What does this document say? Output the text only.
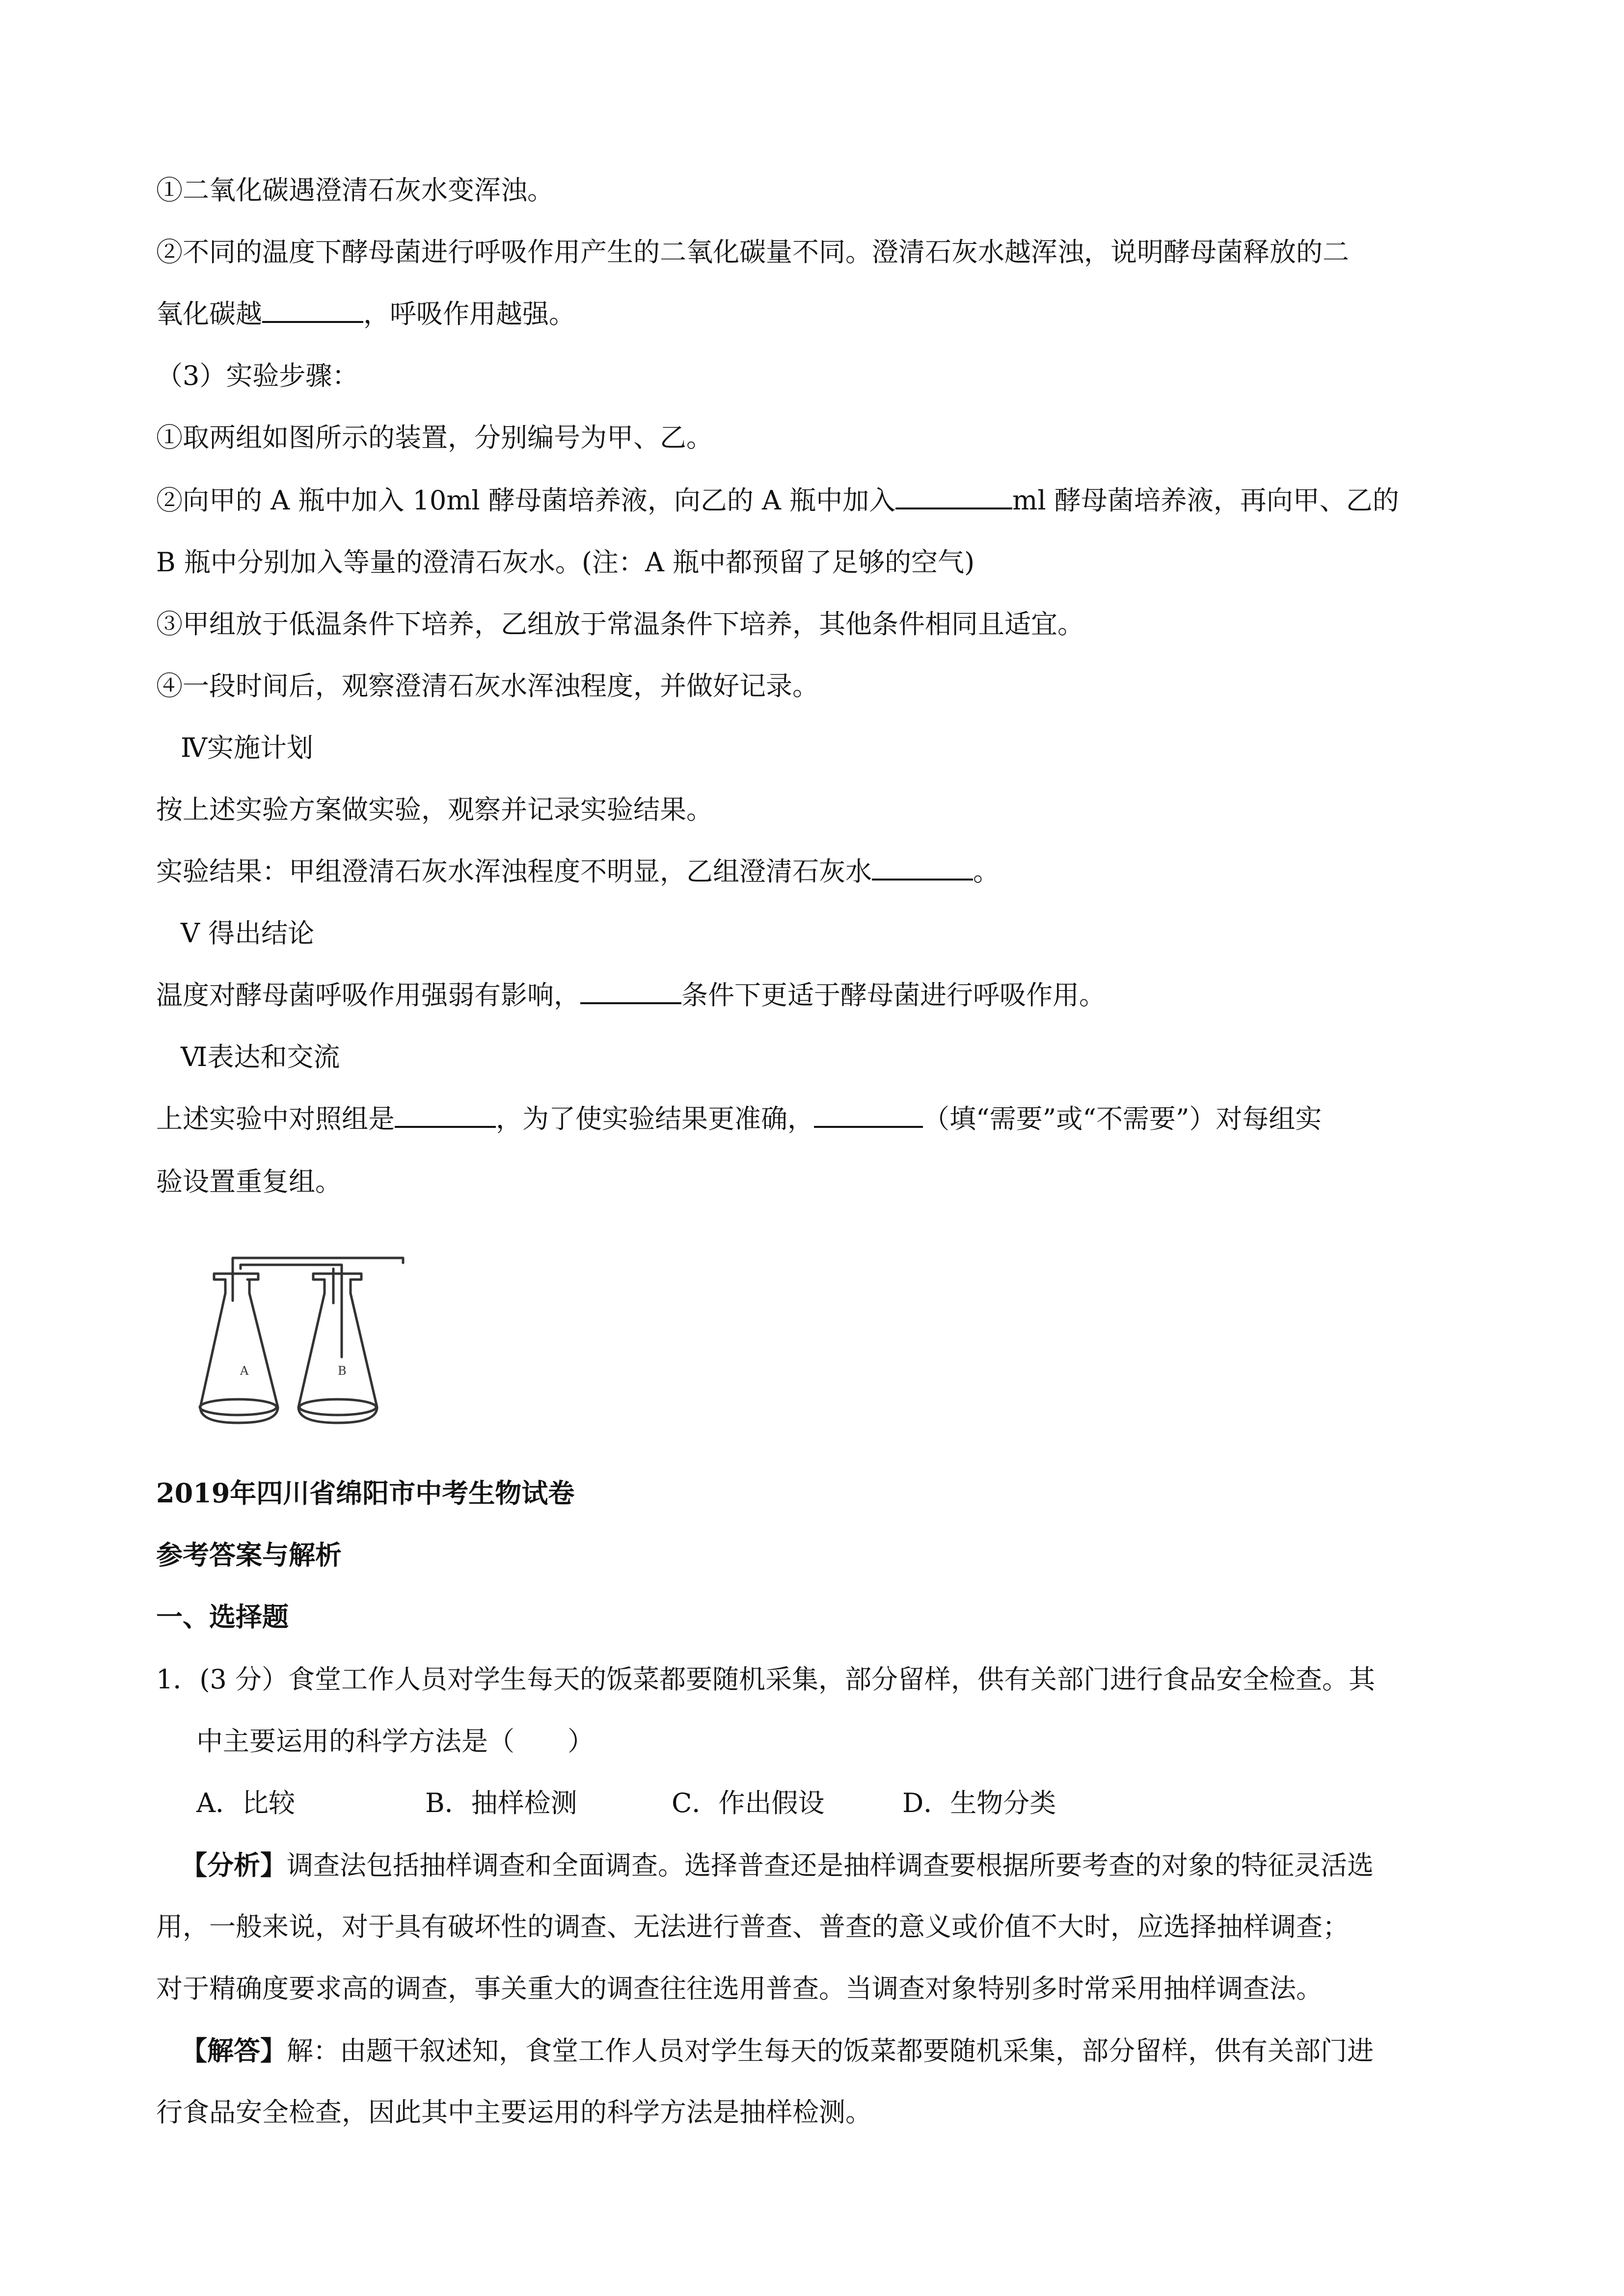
①二氧化碳遇澄清石灰水变浑浊。
②不同的温度下酵母菌进行呼吸作用产生的二氧化碳量不同。澄清石灰水越浑浊，说明酵母菌释放的二
氧化碳越	，呼吸作用越强。
（3）实验步骤：
①取两组如图所示的装置，分别编号为甲、乙。
②向甲的 A 瓶中加入 10ml 酵母菌培养液，向乙的 A 瓶中加入	ml 酵母菌培养液，再向甲、乙的
B 瓶中分别加入等量的澄清石灰水。(注：A 瓶中都预留了足够的空气)
③甲组放于低温条件下培养，乙组放于常温条件下培养，其他条件相同且适宜。
④一段时间后，观察澄清石灰水浑浊程度，并做好记录。
Ⅳ实施计划
按上述实验方案做实验，观察并记录实验结果。
实验结果：甲组澄清石灰水浑浊程度不明显，乙组澄清石灰水	。
V 得出结论
温度对酵母菌呼吸作用强弱有影响，	条件下更适于酵母菌进行呼吸作用。
Ⅵ表达和交流
上述实验中对照组是	，为了使实验结果更准确，	（填“需要”或“不需要”）对每组实
验设置重复组。
A	B
2019年四川省绵阳市中考生物试卷
参考答案与解析
一、选择题
1．(3 分）食堂工作人员对学生每天的饭菜都要随机采集，部分留样，供有关部门进行食品安全检查。其
中主要运用的科学方法是（　　）
A．比较	B．抽样检测	C．作出假设	D．生物分类
【分析】调查法包括抽样调查和全面调查。选择普查还是抽样调查要根据所要考查的对象的特征灵活选
用，一般来说，对于具有破坏性的调查、无法进行普查、普查的意义或价值不大时，应选择抽样调查；
对于精确度要求高的调查，事关重大的调查往往选用普查。当调查对象特别多时常采用抽样调查法。
【解答】解：由题干叙述知，食堂工作人员对学生每天的饭菜都要随机采集，部分留样，供有关部门进
行食品安全检查，因此其中主要运用的科学方法是抽样检测。
